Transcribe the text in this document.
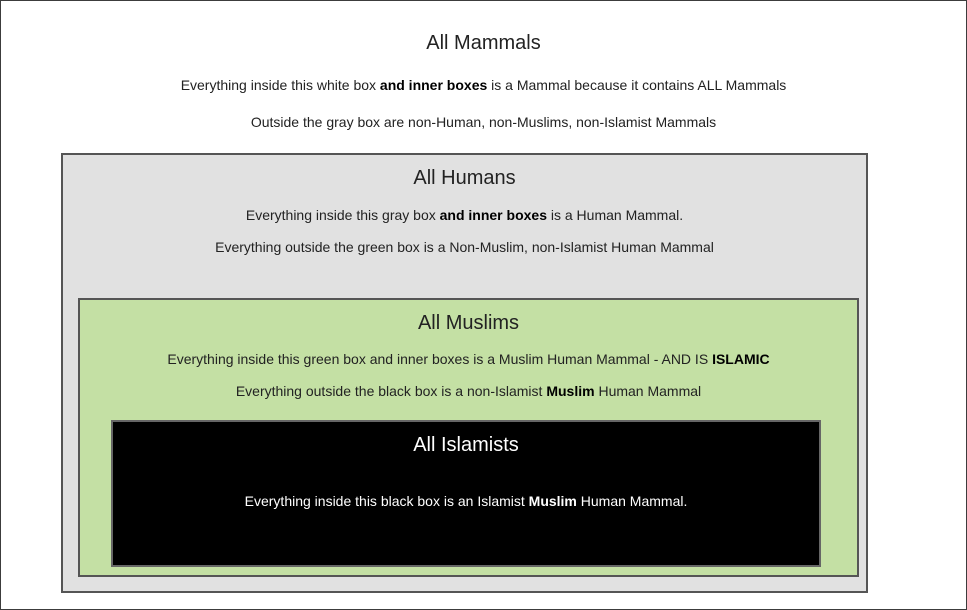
All Mammals
Everything inside this white box and inner boxes is a Mammal because it contains ALL Mammals
Outside the gray box are non-Human, non-Muslims, non-Islamist Mammals
All Humans
Everything inside this gray box and inner boxes is a Human Mammal.
Everything outside the green box is a Non-Muslim, non-Islamist Human Mammal
All Muslims
Everything inside this green box and inner boxes is a Muslim Human Mammal - AND IS ISLAMIC
Everything outside the black box is a non-Islamist Muslim Human Mammal
All Islamists
Everything inside this black box is an Islamist Muslim Human Mammal.
